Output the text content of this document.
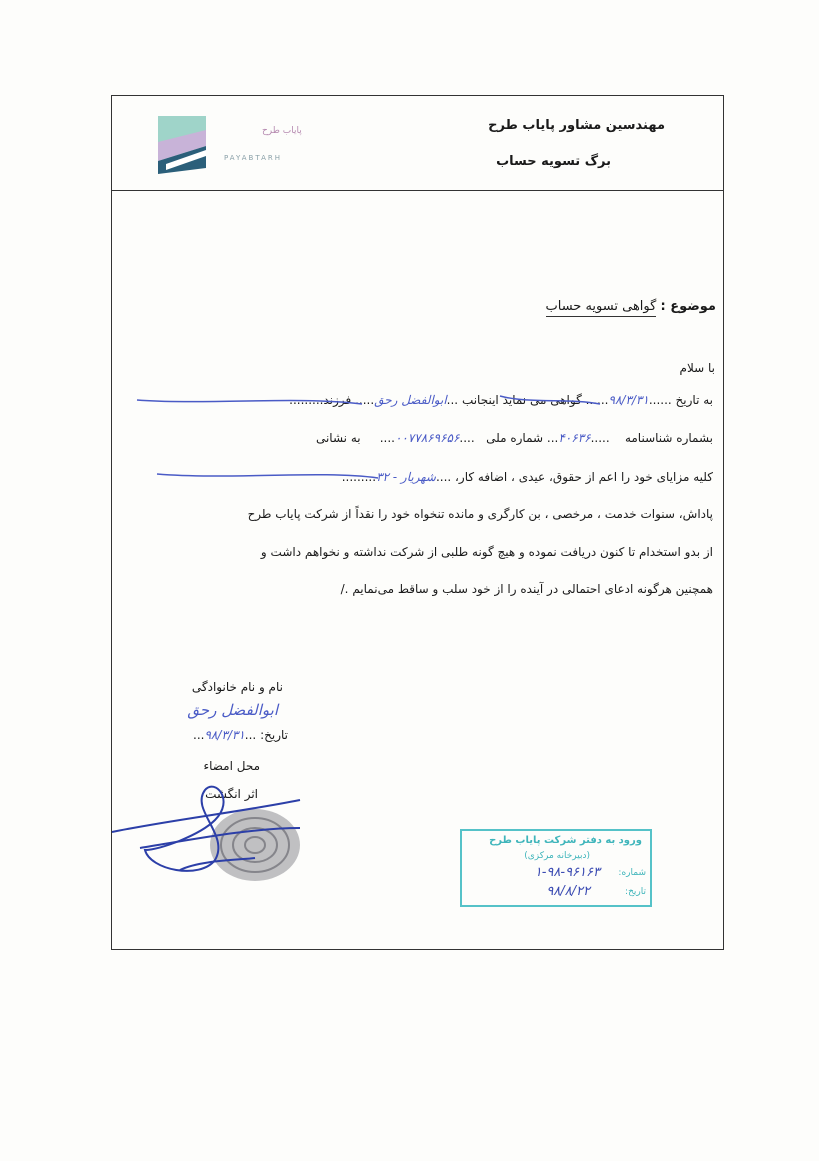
مهندسین مشاور پایاب طرح
برگ تسویه حساب
پایاب طرح
PAYABTARH
موضوع : گواهی تسویه حساب
با سلام
به تاریخ ......۹۸/۳/۳۱...... گواهی می نماید اینجانب ...ابوالفضل رحق..... فرزند.........
بشماره شناسنامه    .....۴۰۶۳۶... شماره ملی   ....۰۰۷۷۸۶۹۶۵۶....     به نشانی
کلیه مزایای خود را اعم از حقوق، عیدی ، اضافه کار، ....شهریار - ۳۲.........
پاداش، سنوات خدمت ، مرخصی ، بن کارگری و مانده تنخواه خود را نقداً از شرکت پایاب طرح
از بدو استخدام تا کنون دریافت نموده و هیچ گونه طلبی از شرکت نداشته و نخواهم داشت و
همچنین هرگونه ادعای احتمالی در آینده را از خود سلب و ساقط می‌نمایم ./
نام و نام خانوادگی
ابوالفضل رحق
تاریخ: ...۹۸/۳/۳۱...
محل امضاء
اثر انگشت
ورود به دفتر شرکت پایاب طرح
(دبیرخانه مرکزی)
شماره:
۱-۹۸-۹۶۱۶۳
تاریخ:
۹۸/۸/۲۲
